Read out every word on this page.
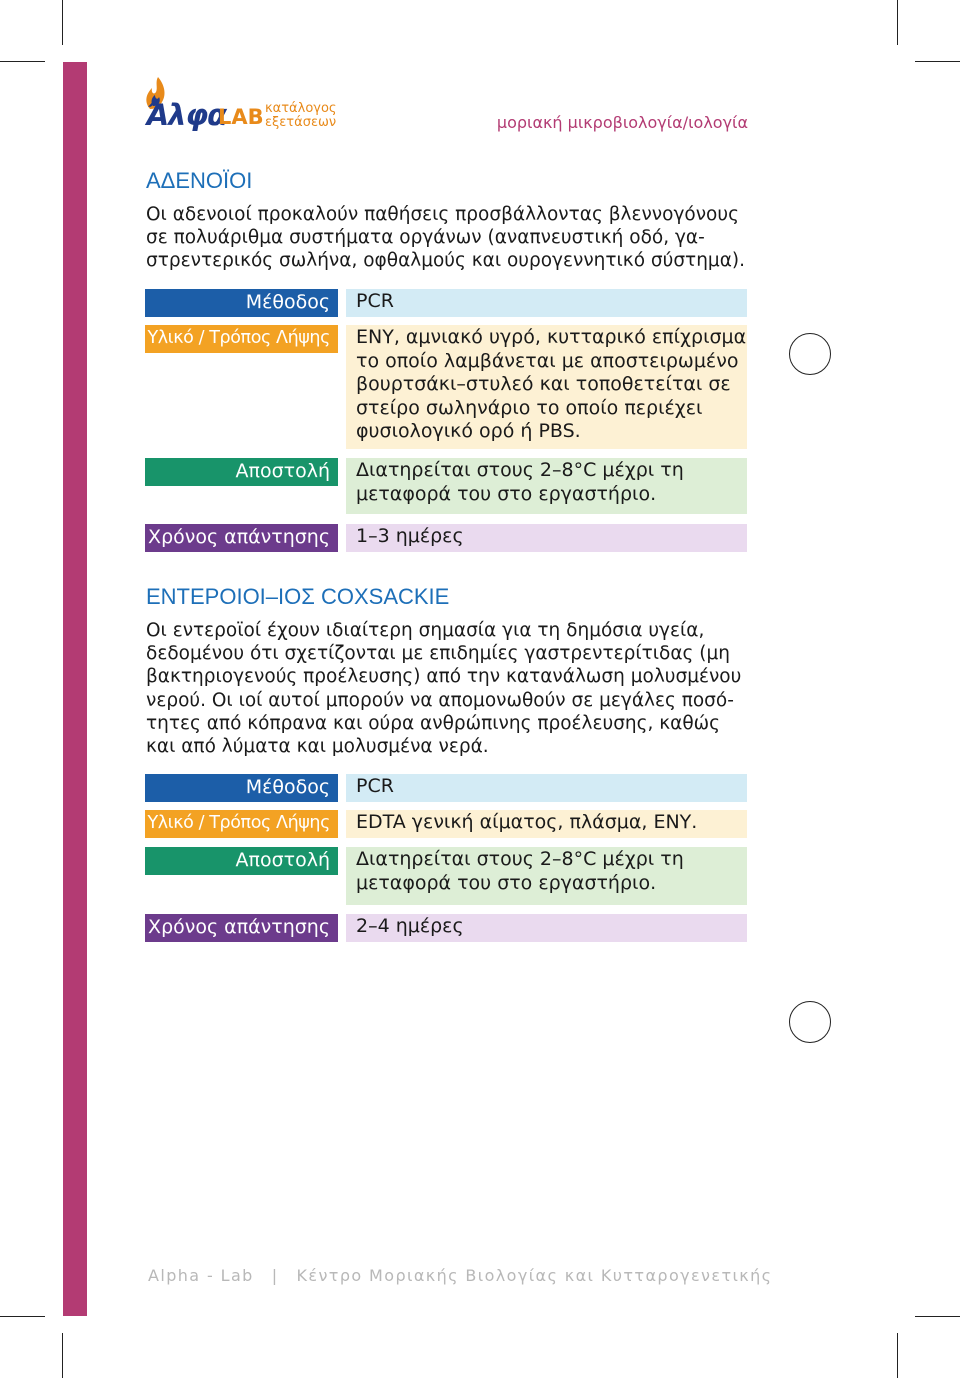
Άλφα
LAB κατάλογος
εξετάσεων	μοριακή μικροβιολογία/ιολογία
ΑΔΕΝΟΪΟΙ
Οι αδενοιοί προκαλούν παθήσεις προσβάλλοντας βλεννογόνους
σε πολυάριθμα συστήματα οργάνων (αναπνευστική οδό, γα-
στρεντερικός σωλήνα, οφθαλμούς και ουρογεννητικό σύστημα).
Μέθοδος	PCR
Υλικό / Τρόπος Λήψης	ΕΝΥ, αμνιακό υγρό, κυτταρικό επίχρισμα
το οποίο λαμβάνεται με αποστειρωμένο
βουρτσάκι–στυλεό και τοποθετείται σε
στείρο σωληνάριο το οποίο περιέχει
φυσιολογικό ορό ή PBS.
Αποστολή	Διατηρείται στους 2–8°C μέχρι τη
μεταφορά του στο εργαστήριο.
Χρόνος απάντησης	1–3 ημέρες
ΕΝΤΕΡΟΙΟΙ–ΙΟΣ COXSACKIE
Οι εντεροϊοί έχουν ιδιαίτερη σημασία για τη δημόσια υγεία,
δεδομένου ότι σχετίζονται με επιδημίες γαστρεντερίτιδας (μη
βακτηριογενούς προέλευσης) από την κατανάλωση μολυσμένου
νερού. Οι ιοί αυτοί μπορούν να απομονωθούν σε μεγάλες ποσό-
τητες από κόπρανα και ούρα ανθρώπινης προέλευσης, καθώς
και από λύματα και μολυσμένα νερά.
Μέθοδος	PCR
Υλικό / Τρόπος Λήψης	EDTA γενική αίματος, πλάσμα, ΕΝΥ.
Αποστολή	Διατηρείται στους 2–8°C μέχρι τη
μεταφορά του στο εργαστήριο.
Χρόνος απάντησης	2–4 ημέρες
Alpha - Lab | Κέντρο Μοριακής Βιολογίας και Κυτταρογενετικής
